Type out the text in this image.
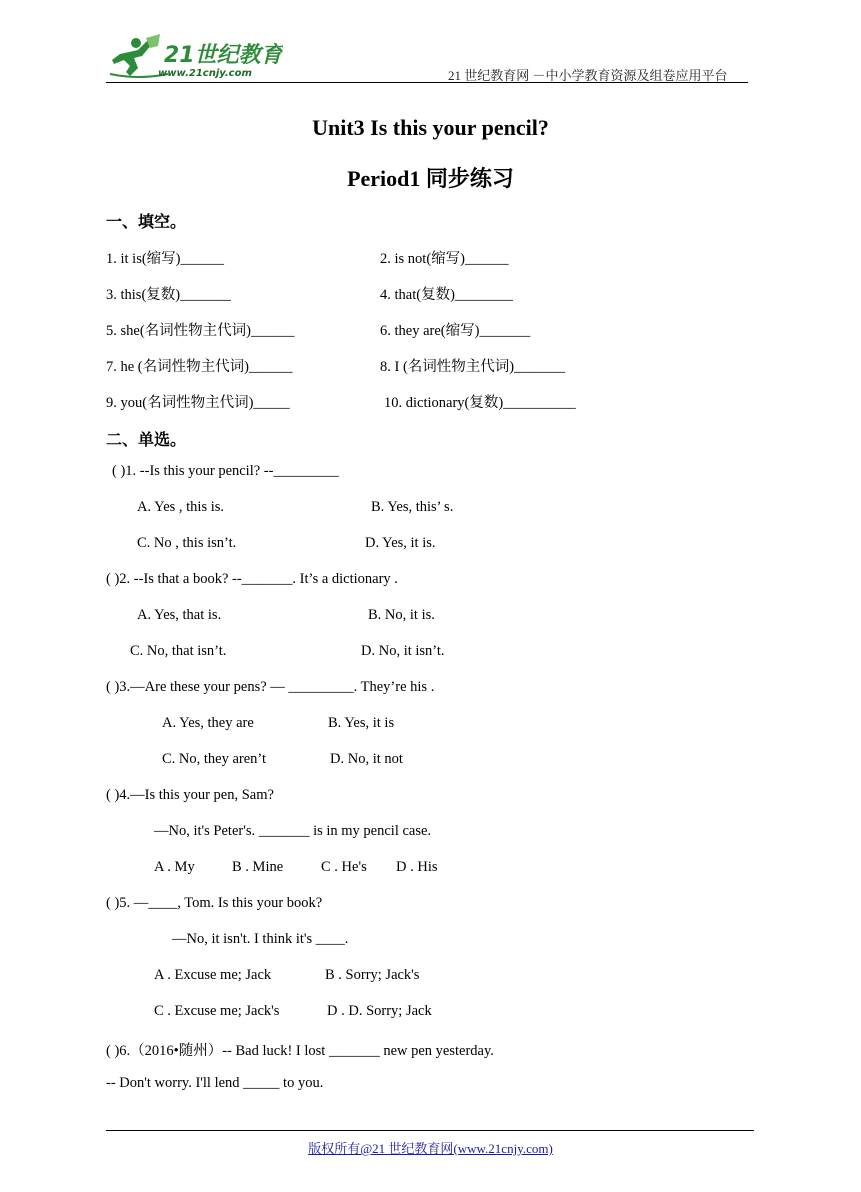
21世纪教育
www.21cnjy.com	21 世纪教育网 －中小学教育资源及组卷应用平台
Unit3 Is this your pencil?
Period1 同步练习
一、填空。
1. it is(缩写)______	2. is not(缩写)______
3. this(复数)_______	4. that(复数)________
5. she(名词性物主代词)______	6. they are(缩写)_______
7. he (名词性物主代词)______	8. I (名词性物主代词)_______
9. you(名词性物主代词)_____	10. dictionary(复数)__________
二、单选。
( )1. --Is this your pencil? --_________
A. Yes , this is.	B. Yes, this’ s.
C. No , this isn’t.	D. Yes, it is.
( )2. --Is that a book? --_______. It’s a dictionary .
A. Yes, that is.	B. No, it is.
C. No, that isn’t.	D. No, it isn’t.
( )3.—Are these your pens? — _________. They’re his .
A. Yes, they are	B. Yes, it is
C. No, they aren’t	D. No, it not
( )4.—Is this your pen, Sam?
—No, it's Peter's. _______ is in my pencil case.
A . My	B . Mine	C . He's D . His
( )5. —____, Tom. Is this your book?
—No, it isn't. I think it's ____.
A . Excuse me; Jack	B . Sorry; Jack's
C . Excuse me; Jack's	D . D. Sorry; Jack
( )6.（2016•随州）-- Bad luck! I lost _______ new pen yesterday.
-- Don't worry. I'll lend _____ to you.
版权所有@21 世纪教育网(www.21cnjy.com)
